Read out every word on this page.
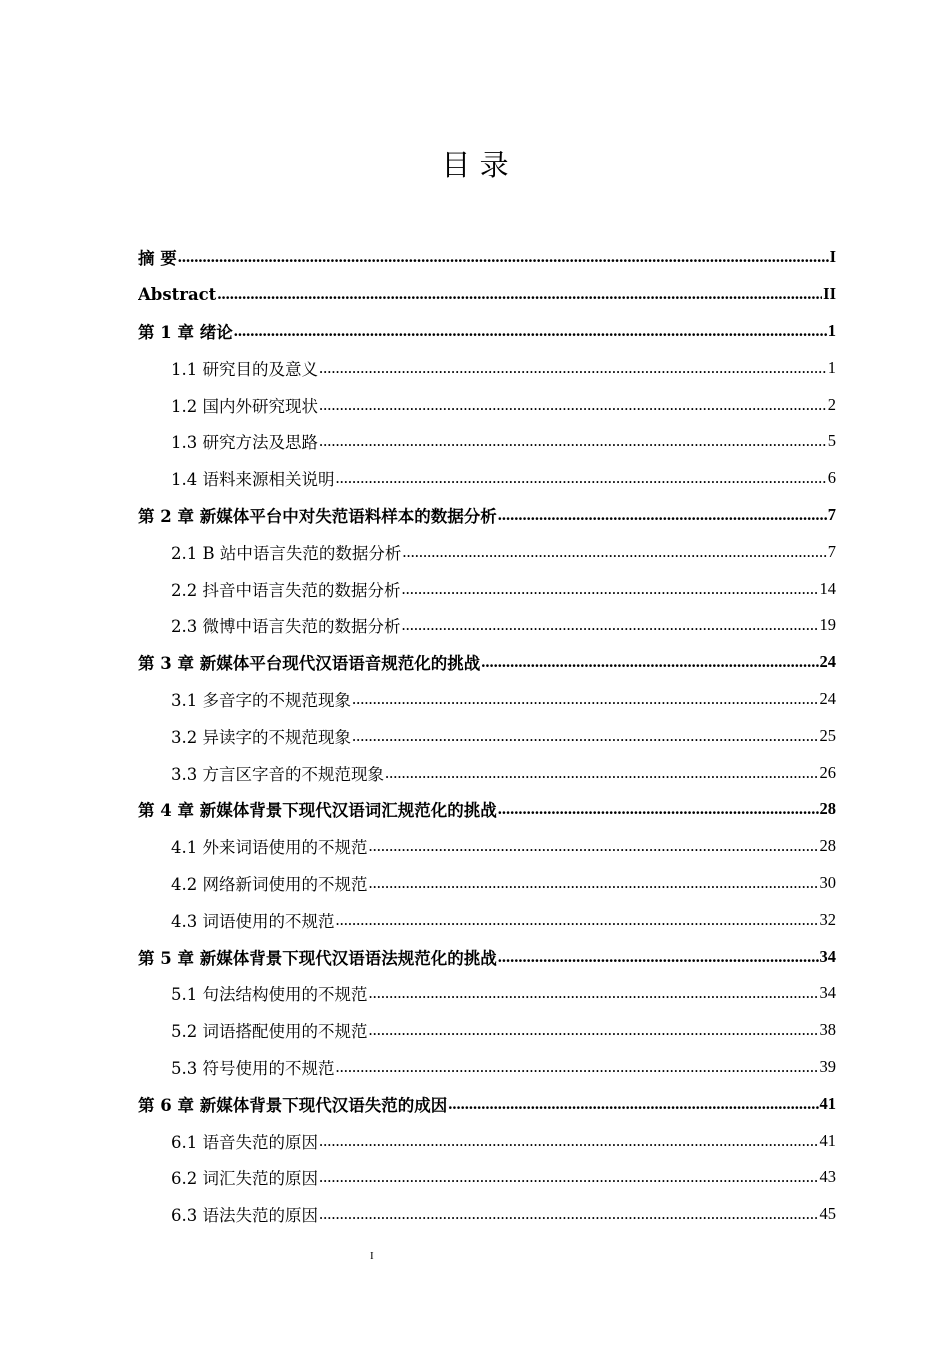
目 录
摘 要 .....	I
Abstract .....	II
第 1 章 绪论 .....	1
1.1 研究目的及意义 .....	1
1.2 国内外研究现状 .....	2
1.3 研究方法及思路 .....	5
1.4 语料来源相关说明 .....	6
第 2 章 新媒体平台中对失范语料样本的数据分析 .....	7
2.1 B 站中语言失范的数据分析 .....	7
2.2 抖音中语言失范的数据分析 .....	14
2.3 微博中语言失范的数据分析 .....	19
第 3 章 新媒体平台现代汉语语音规范化的挑战 .....	24
3.1 多音字的不规范现象 .....	24
3.2 异读字的不规范现象 .....	25
3.3 方言区字音的不规范现象 .....	26
第 4 章 新媒体背景下现代汉语词汇规范化的挑战 .....	28
4.1 外来词语使用的不规范 .....	28
4.2 网络新词使用的不规范 .....	30
4.3 词语使用的不规范 .....	32
第 5 章 新媒体背景下现代汉语语法规范化的挑战 .....	34
5.1 句法结构使用的不规范 .....	34
5.2 词语搭配使用的不规范 .....	38
5.3 符号使用的不规范 .....	39
第 6 章 新媒体背景下现代汉语失范的成因 .....	41
6.1 语音失范的原因 .....	41
6.2 词汇失范的原因 .....	43
6.3 语法失范的原因 .....	45
I
